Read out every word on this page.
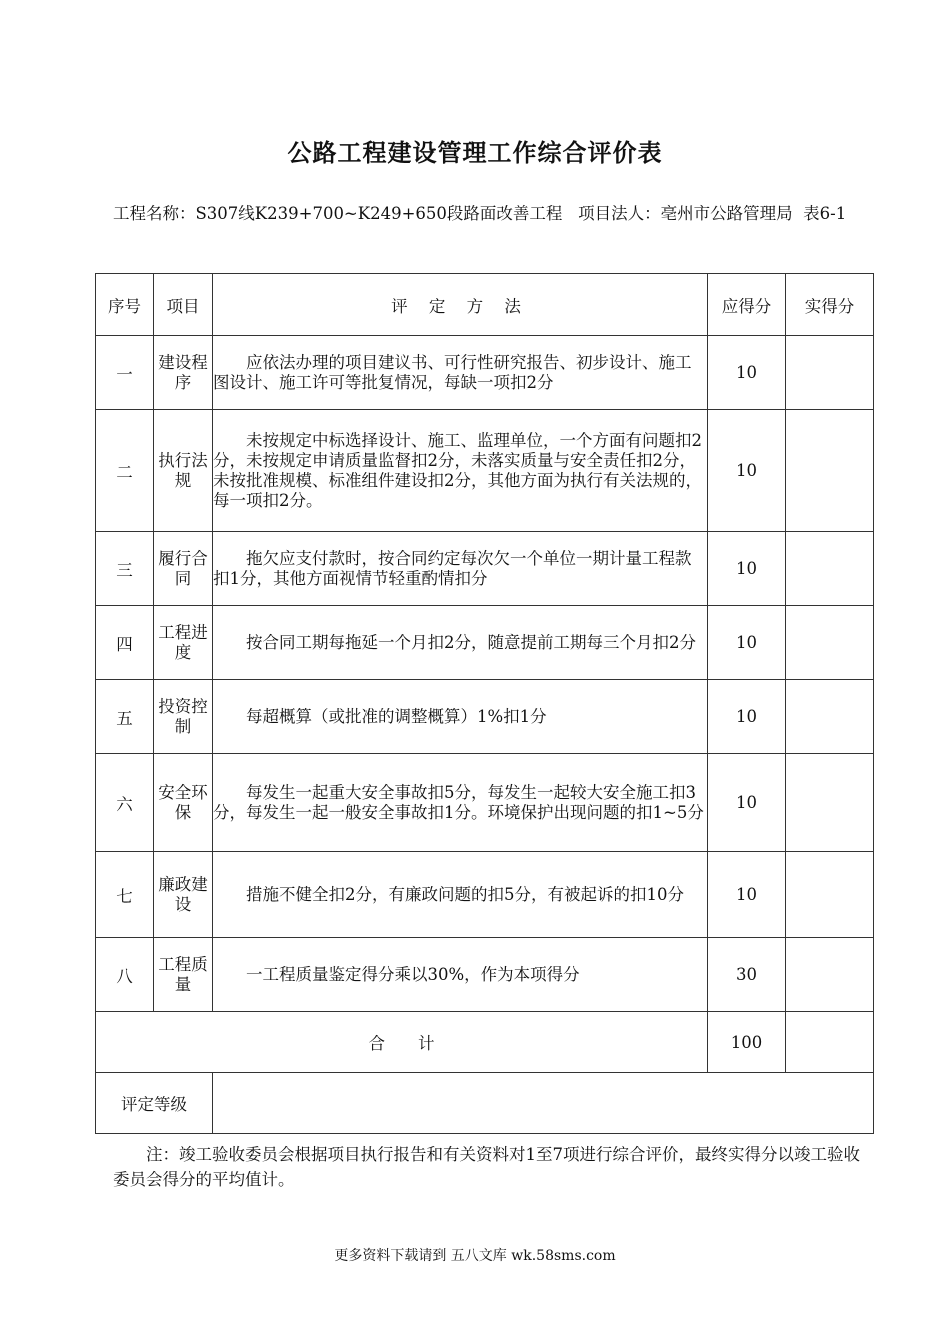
公路工程建设管理工作综合评价表
工程名称：S307线K239+700~K249+650段路面改善工程 项目法人：亳州市公路管理局 表6-1
序号	项目	评 定 方 法	应得分	实得分
一	建设程序	应依法办理的项目建议书、可行性研究报告、初步设计、施工图设计、施工许可等批复情况，每缺一项扣2分	10	
二	执行法规	未按规定中标选择设计、施工、监理单位，一个方面有问题扣2分，未按规定申请质量监督扣2分，未落实质量与安全责任扣2分，未按批准规模、标准组件建设扣2分，其他方面为执行有关法规的，每一项扣2分。	10	
三	履行合同	拖欠应支付款时，按合同约定每次欠一个单位一期计量工程款扣1分，其他方面视情节轻重酌情扣分	10	
四	工程进度	按合同工期每拖延一个月扣2分，随意提前工期每三个月扣2分	10	
五	投资控制	每超概算（或批准的调整概算）1%扣1分	10	
六	安全环保	每发生一起重大安全事故扣5分，每发生一起较大安全施工扣3分，每发生一起一般安全事故扣1分。环境保护出现问题的扣1~5分	10	
七	廉政建设	措施不健全扣2分，有廉政问题的扣5分，有被起诉的扣10分	10	
八	工程质量	一工程质量鉴定得分乘以30%，作为本项得分	30	
合　　计			100	
评定等级				
注：竣工验收委员会根据项目执行报告和有关资料对1至7项进行综合评价，最终实得分以竣工验收委员会得分的平均值计。
更多资料下载请到 五八文库 wk.58sms.com
